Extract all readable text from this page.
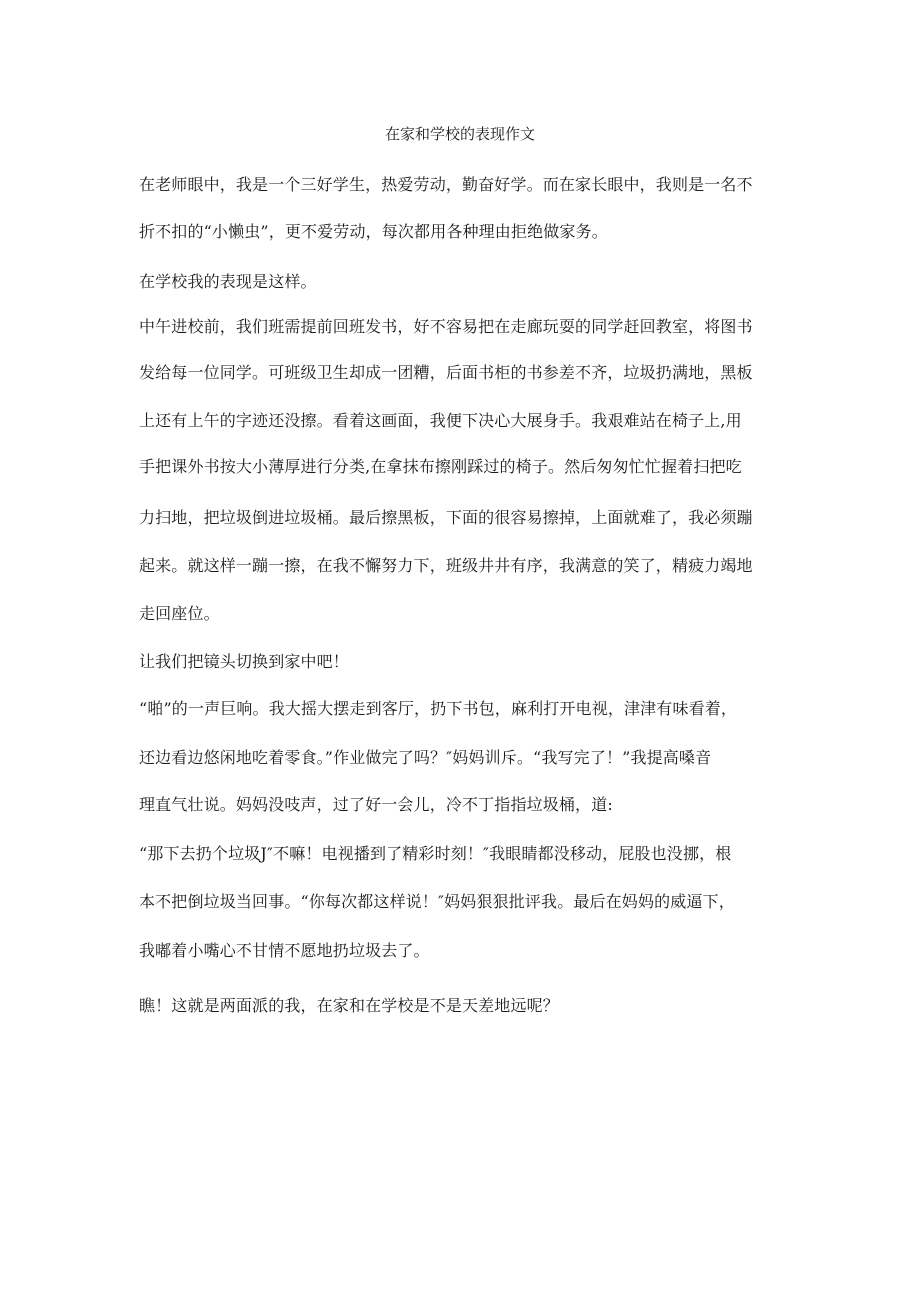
在家和学校的表现作文
在老师眼中，我是一个三好学生，热爱劳动，勤奋好学。而在家长眼中，我则是一名不
折不扣的“小懒虫”，更不爱劳动，每次都用各种理由拒绝做家务。
在学校我的表现是这样。
中午进校前，我们班需提前回班发书，好不容易把在走廊玩耍的同学赶回教室，将图书
发给每一位同学。可班级卫生却成一团糟，后面书柜的书参差不齐，垃圾扔满地，黑板
上还有上午的字迹还没擦。看着这画面，我便下决心大展身手。我艰难站在椅子上,用
手把课外书按大小薄厚进行分类,在拿抹布擦刚踩过的椅子。然后匆匆忙忙握着扫把吃
力扫地，把垃圾倒进垃圾桶。最后擦黑板，下面的很容易擦掉，上面就难了，我必须蹦
起来。就这样一蹦一擦，在我不懈努力下，班级井井有序，我满意的笑了，精疲力竭地
走回座位。
让我们把镜头切换到家中吧！
“啪”的一声巨响。我大摇大摆走到客厅，扔下书包，麻利打开电视，津津有味看着，
还边看边悠闲地吃着零食。”作业做完了吗？″妈妈训斥。“我写完了！”我提高嗓音
理直气壮说。妈妈没吱声，过了好一会儿，冷不丁指指垃圾桶，道:
“那下去扔个垃圾J″不嘛！电视播到了精彩时刻！″我眼睛都没移动，屁股也没挪，根
本不把倒垃圾当回事。“你每次都这样说！″妈妈狠狠批评我。最后在妈妈的威逼下，
我嘟着小嘴心不甘情不愿地扔垃圾去了。
瞧！这就是两面派的我，在家和在学校是不是天差地远呢？
